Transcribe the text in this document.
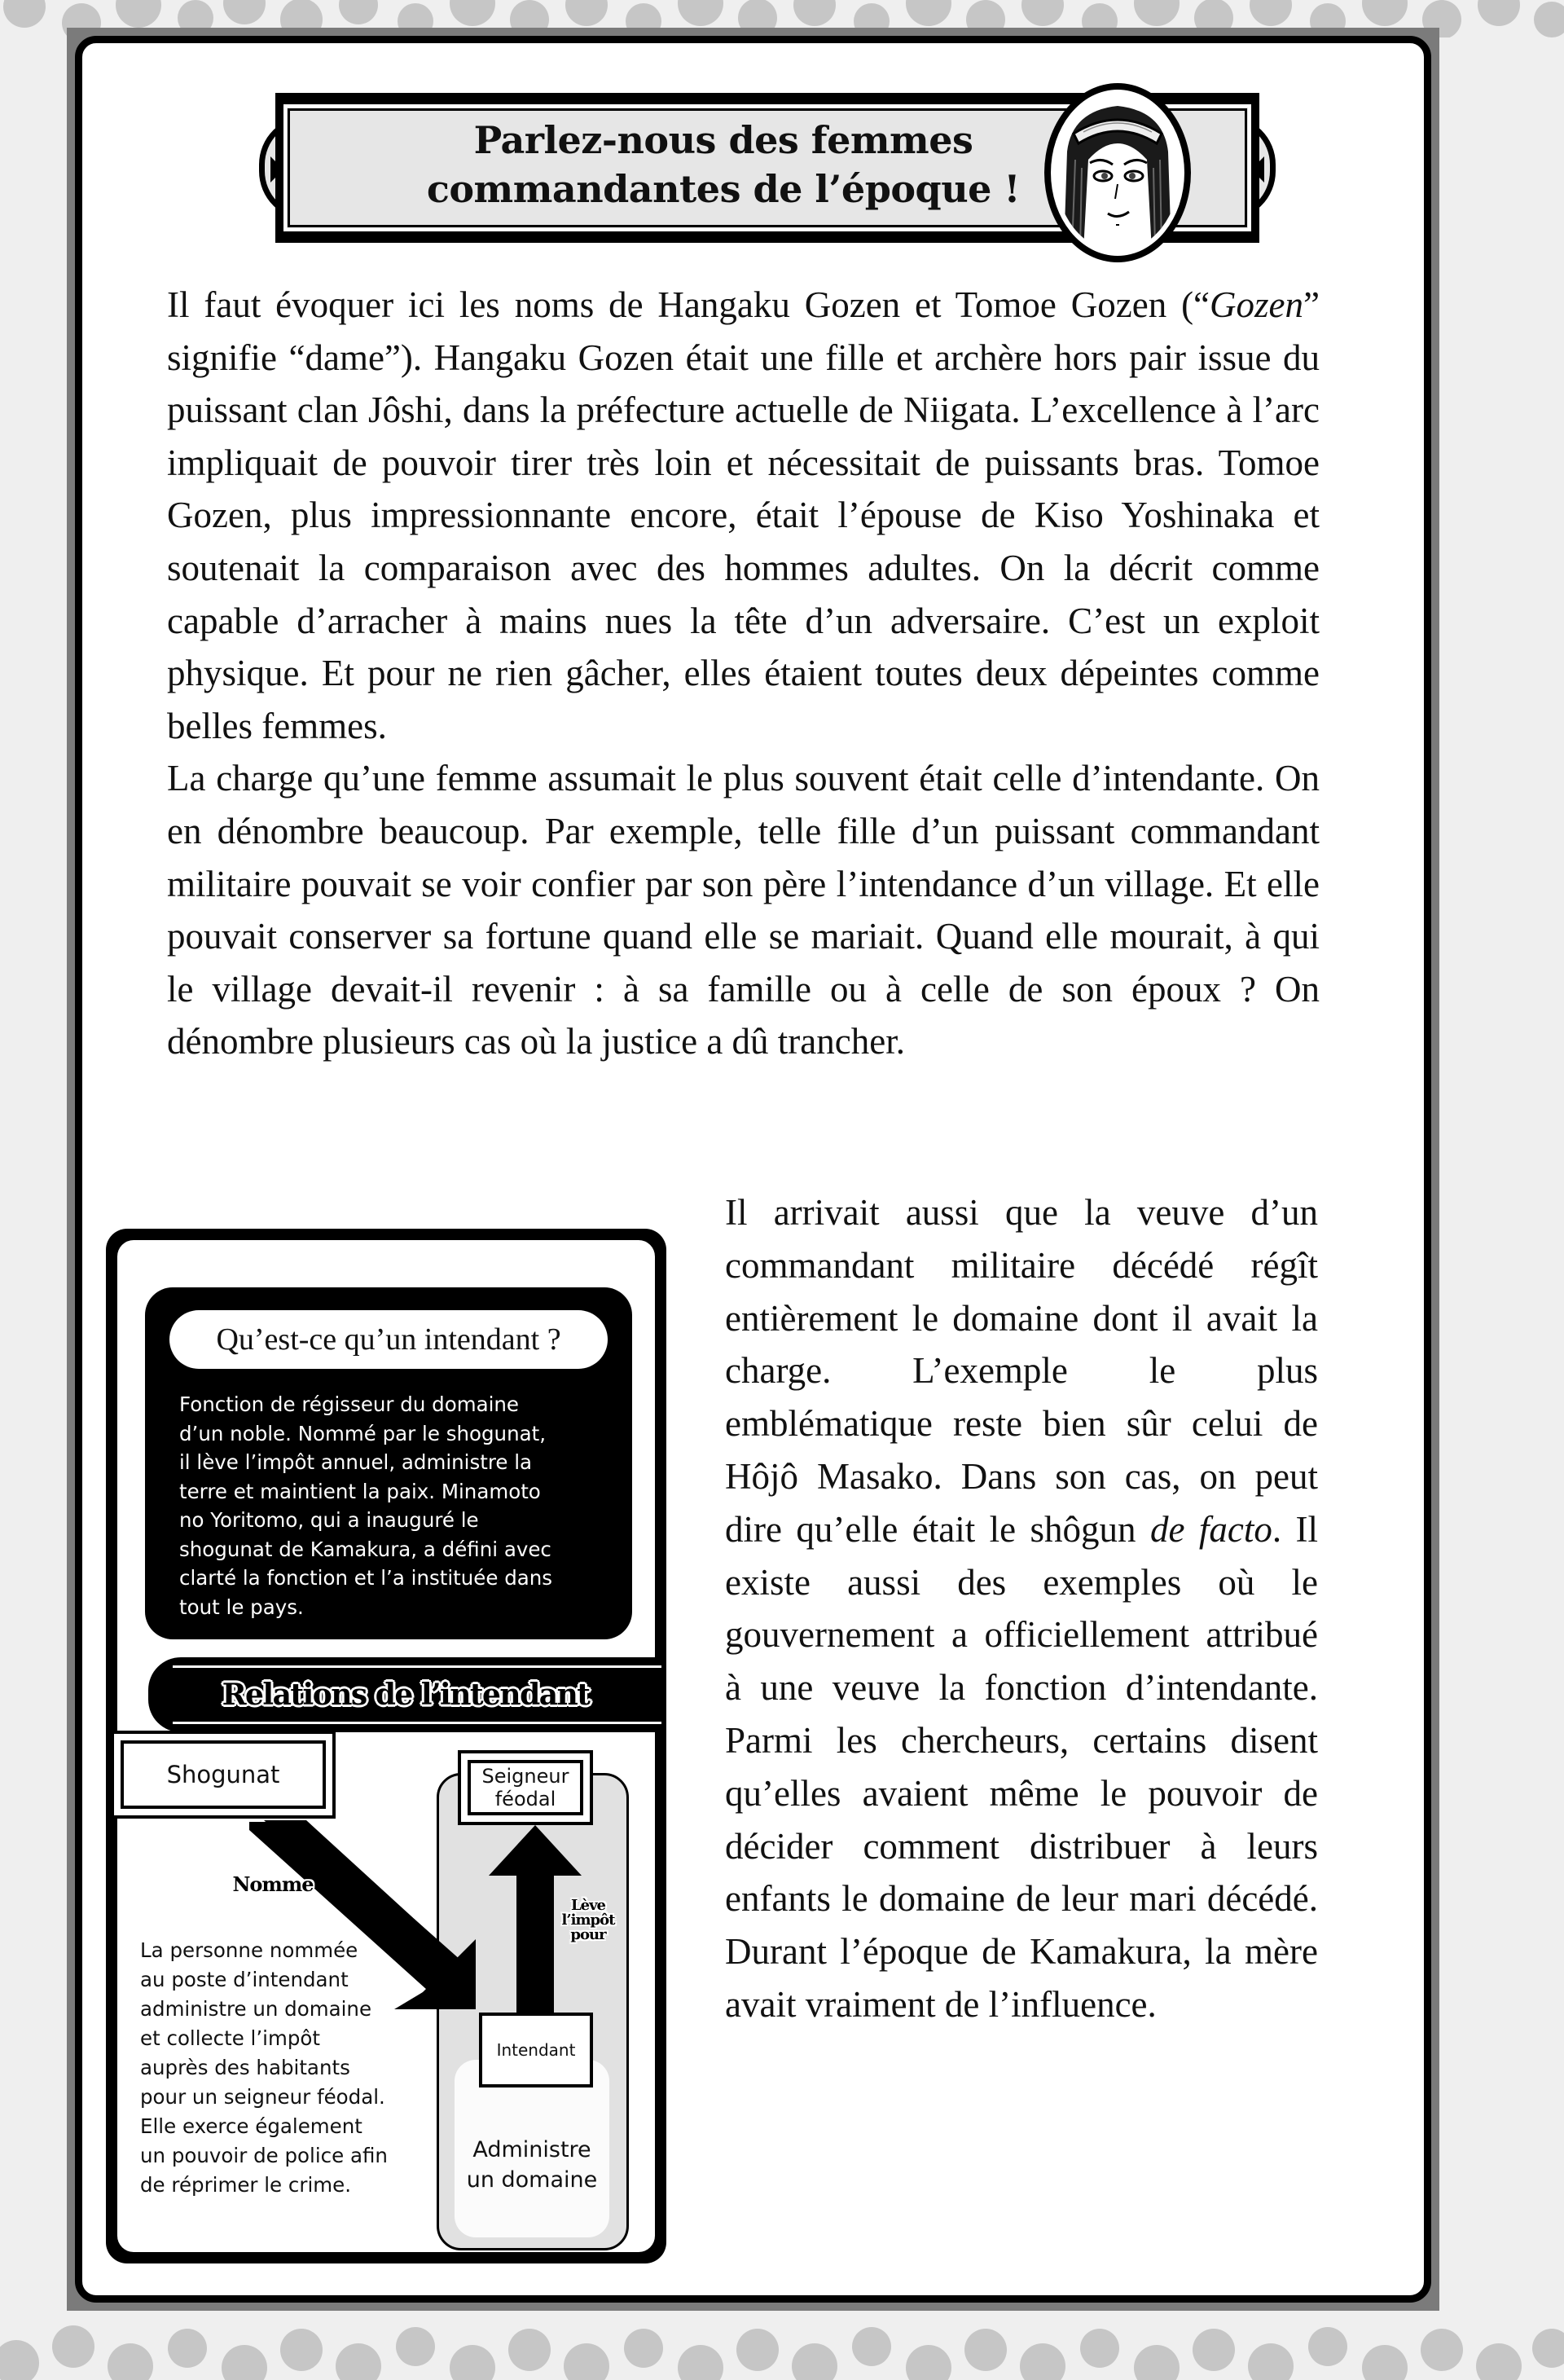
Parlez-nous des femmes
commandantes de l’époque !

Il faut évoquer ici les noms de Hangaku Gozen et Tomoe Gozen (“Gozen” signifie “dame”). Hangaku Gozen était une fille et archère hors pair issue du puissant clan Jôshi, dans la préfecture actuelle de Niigata. L’excellence à l’arc impliquait de pouvoir tirer très loin et nécessitait de puissants bras. Tomoe Gozen, plus impressionnante encore, était l’épouse de Kiso Yoshinaka et soutenait la comparaison avec des hommes adultes. On la décrit comme capable d’arracher à mains nues la tête d’un adversaire. C’est un exploit physique. Et pour ne rien gâcher, elles étaient toutes deux dépeintes comme belles femmes.

La charge qu’une femme assumait le plus souvent était celle d’intendante. On en dénombre beaucoup. Par exemple, telle fille d’un puissant commandant militaire pouvait se voir confier par son père l’intendance d’un village. Et elle pouvait conserver sa fortune quand elle se mariait. Quand elle mourait, à qui le village devait-il revenir : à sa famille ou à celle de son époux ? On dénombre plusieurs cas où la justice a dû trancher.

Il arrivait aussi que la veuve d’un commandant militaire décédé régît entièrement le domaine dont il avait la charge. L’exemple le plus emblématique reste bien sûr celui de Hôjô Masako. Dans son cas, on peut dire qu’elle était le shôgun de facto. Il existe aussi des exemples où le gouvernement a officiellement attribué à une veuve la fonction d’intendante. Parmi les chercheurs, certains disent qu’elles avaient même le pouvoir de décider comment distribuer à leurs enfants le domaine de leur mari décédé. Durant l’époque de Kamakura, la mère avait vraiment de l’influence.

Qu’est-ce qu’un intendant ?
Fonction de régisseur du domaine
d’un noble. Nommé par le shogunat,
il lève l’impôt annuel, administre la
terre et maintient la paix. Minamoto
no Yoritomo, qui a inauguré le
shogunat de Kamakura, a défini avec
clarté la fonction et l’a instituée dans
tout le pays.
Relations de l’intendant
Shogunat	Seigneur
féodal
Intendant
Administre
un domaine
Nomme
Lève
l’impôt
pour
La personne nommée
au poste d’intendant
administre un domaine
et collecte l’impôt
auprès des habitants
pour un seigneur féodal.
Elle exerce également
un pouvoir de police afin
de réprimer le crime.
